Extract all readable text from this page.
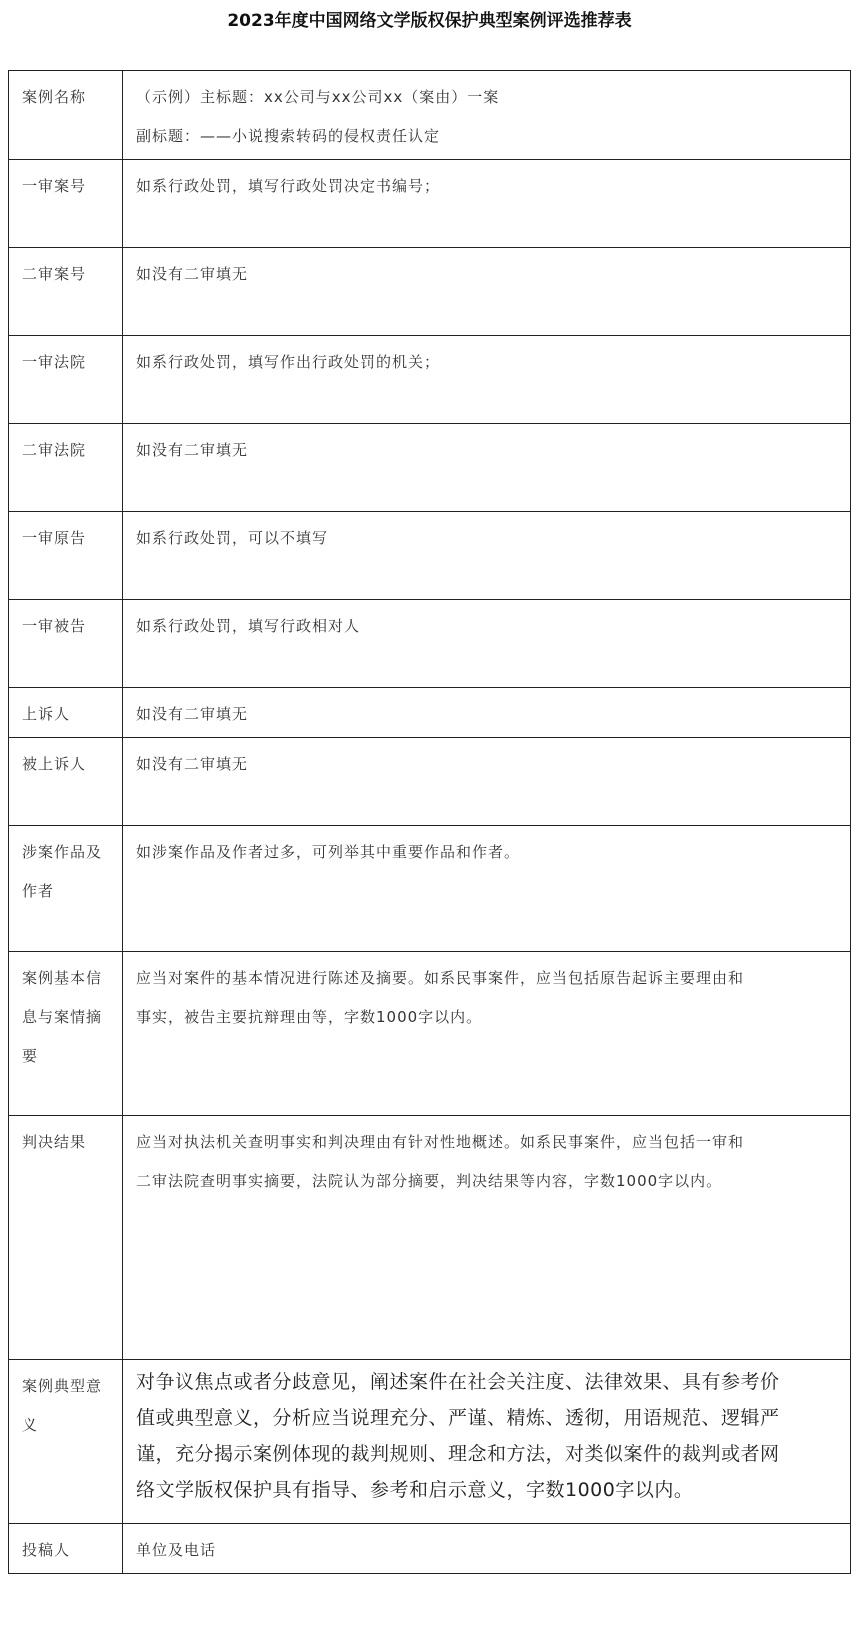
2023年度中国网络文学版权保护典型案例评选推荐表
案例名称	（示例）主标题：xx公司与xx公司xx（案由）一案
副标题：——小说搜索转码的侵权责任认定

一审案号	如系行政处罚，填写行政处罚决定书编号；

二审案号	如没有二审填无

一审法院	如系行政处罚，填写作出行政处罚的机关；

二审法院	如没有二审填无

一审原告	如系行政处罚，可以不填写

一审被告	如系行政处罚，填写行政相对人

上诉人	如没有二审填无

被上诉人	如没有二审填无

涉案作品及作者	如涉案作品及作者过多，可列举其中重要作品和作者。

案例基本信息与案情摘要	应当对案件的基本情况进行陈述及摘要。如系民事案件，应当包括原告起诉主要理由和
事实，被告主要抗辩理由等，字数1000字以内。

判决结果	应当对执法机关查明事实和判决理由有针对性地概述。如系民事案件，应当包括一审和
二审法院查明事实摘要，法院认为部分摘要，判决结果等内容，字数1000字以内。

案例典型意义	对争议焦点或者分歧意见，阐述案件在社会关注度、法律效果、具有参考价
值或典型意义，分析应当说理充分、严谨、精炼、透彻，用语规范、逻辑严
谨，充分揭示案例体现的裁判规则、理念和方法，对类似案件的裁判或者网
络文学版权保护具有指导、参考和启示意义，字数1000字以内。

投稿人	单位及电话
